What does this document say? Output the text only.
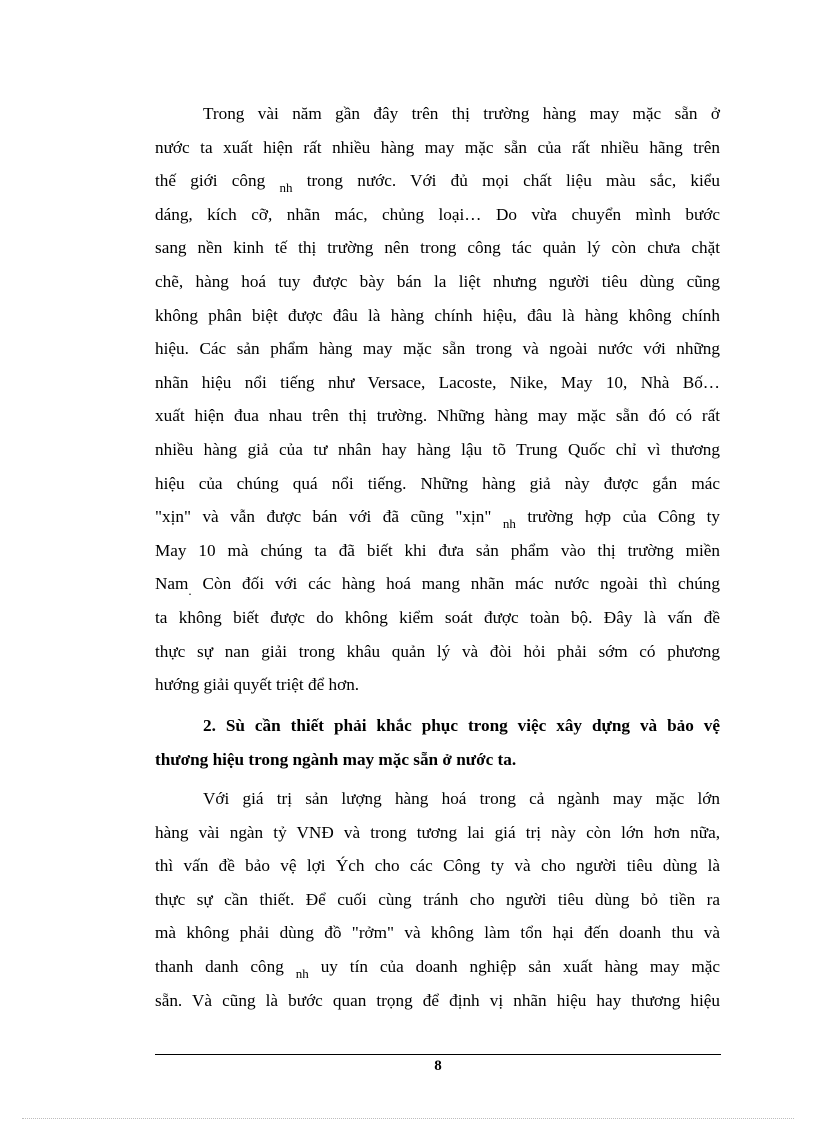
Trong vài năm gần đây trên thị trường hàng may mặc sẵn ở
nước ta xuất hiện rất nhiều hàng may mặc sẵn của rất nhiều hãng trên
thế giới công $_{nh}$ trong nước. Với đủ mọi chất liệu màu sắc, kiểu
dáng, kích cỡ, nhãn mác, chủng loại… Do vừa chuyển mình bước
sang nền kinh tế thị trường nên trong công tác quản lý còn chưa chặt
chẽ, hàng hoá tuy được bày bán la liệt nhưng người tiêu dùng cũng
không phân biệt được đâu là hàng chính hiệu, đâu là hàng không chính
hiệu. Các sản phẩm hàng may mặc sẵn trong và ngoài nước với những
nhãn hiệu nổi tiếng như Versace, Lacoste, Nike, May 10, Nhà Bố…
xuất hiện đua nhau trên thị trường. Những hàng may mặc sẵn đó có rất
nhiều hàng giả của tư nhân hay hàng lậu tõ Trung Quốc chỉ vì thương
hiệu của chúng quá nổi tiếng. Những hàng giả này được gắn mác
"xịn" và vẫn được bán với đã cũng "xịn" $_{nh}$ trường hợp của Công ty
May 10 mà chúng ta đã biết khi đưa sản phẩm vào thị trường miền
Nam$_.$ Còn đối với các hàng hoá mang nhãn mác nước ngoài thì chúng
ta không biết được do không kiểm soát được toàn bộ. Đây là vấn đề
thực sự nan giải trong khâu quản lý và đòi hỏi phải sớm có phương
hướng giải quyết triệt để hơn.
2. Sù cần thiết phải khắc phục trong việc xây dựng và bảo vệ
thương hiệu trong ngành may mặc sẵn ở nước ta.
Với giá trị sản lượng hàng hoá trong cả ngành may mặc lớn
hàng vài ngàn tỷ VNĐ và trong tương lai giá trị này còn lớn hơn nữa,
thì vấn đề bảo vệ lợi Ých cho các Công ty và cho người tiêu dùng là
thực sự cần thiết. Để cuối cùng tránh cho người tiêu dùng bỏ tiền ra
mà không phải dùng đồ "rởm" và không làm tổn hại đến doanh thu và
thanh danh công $_{nh}$ uy tín của doanh nghiệp sản xuất hàng may mặc
sẵn. Và cũng là bước quan trọng để định vị nhãn hiệu hay thương hiệu
8
